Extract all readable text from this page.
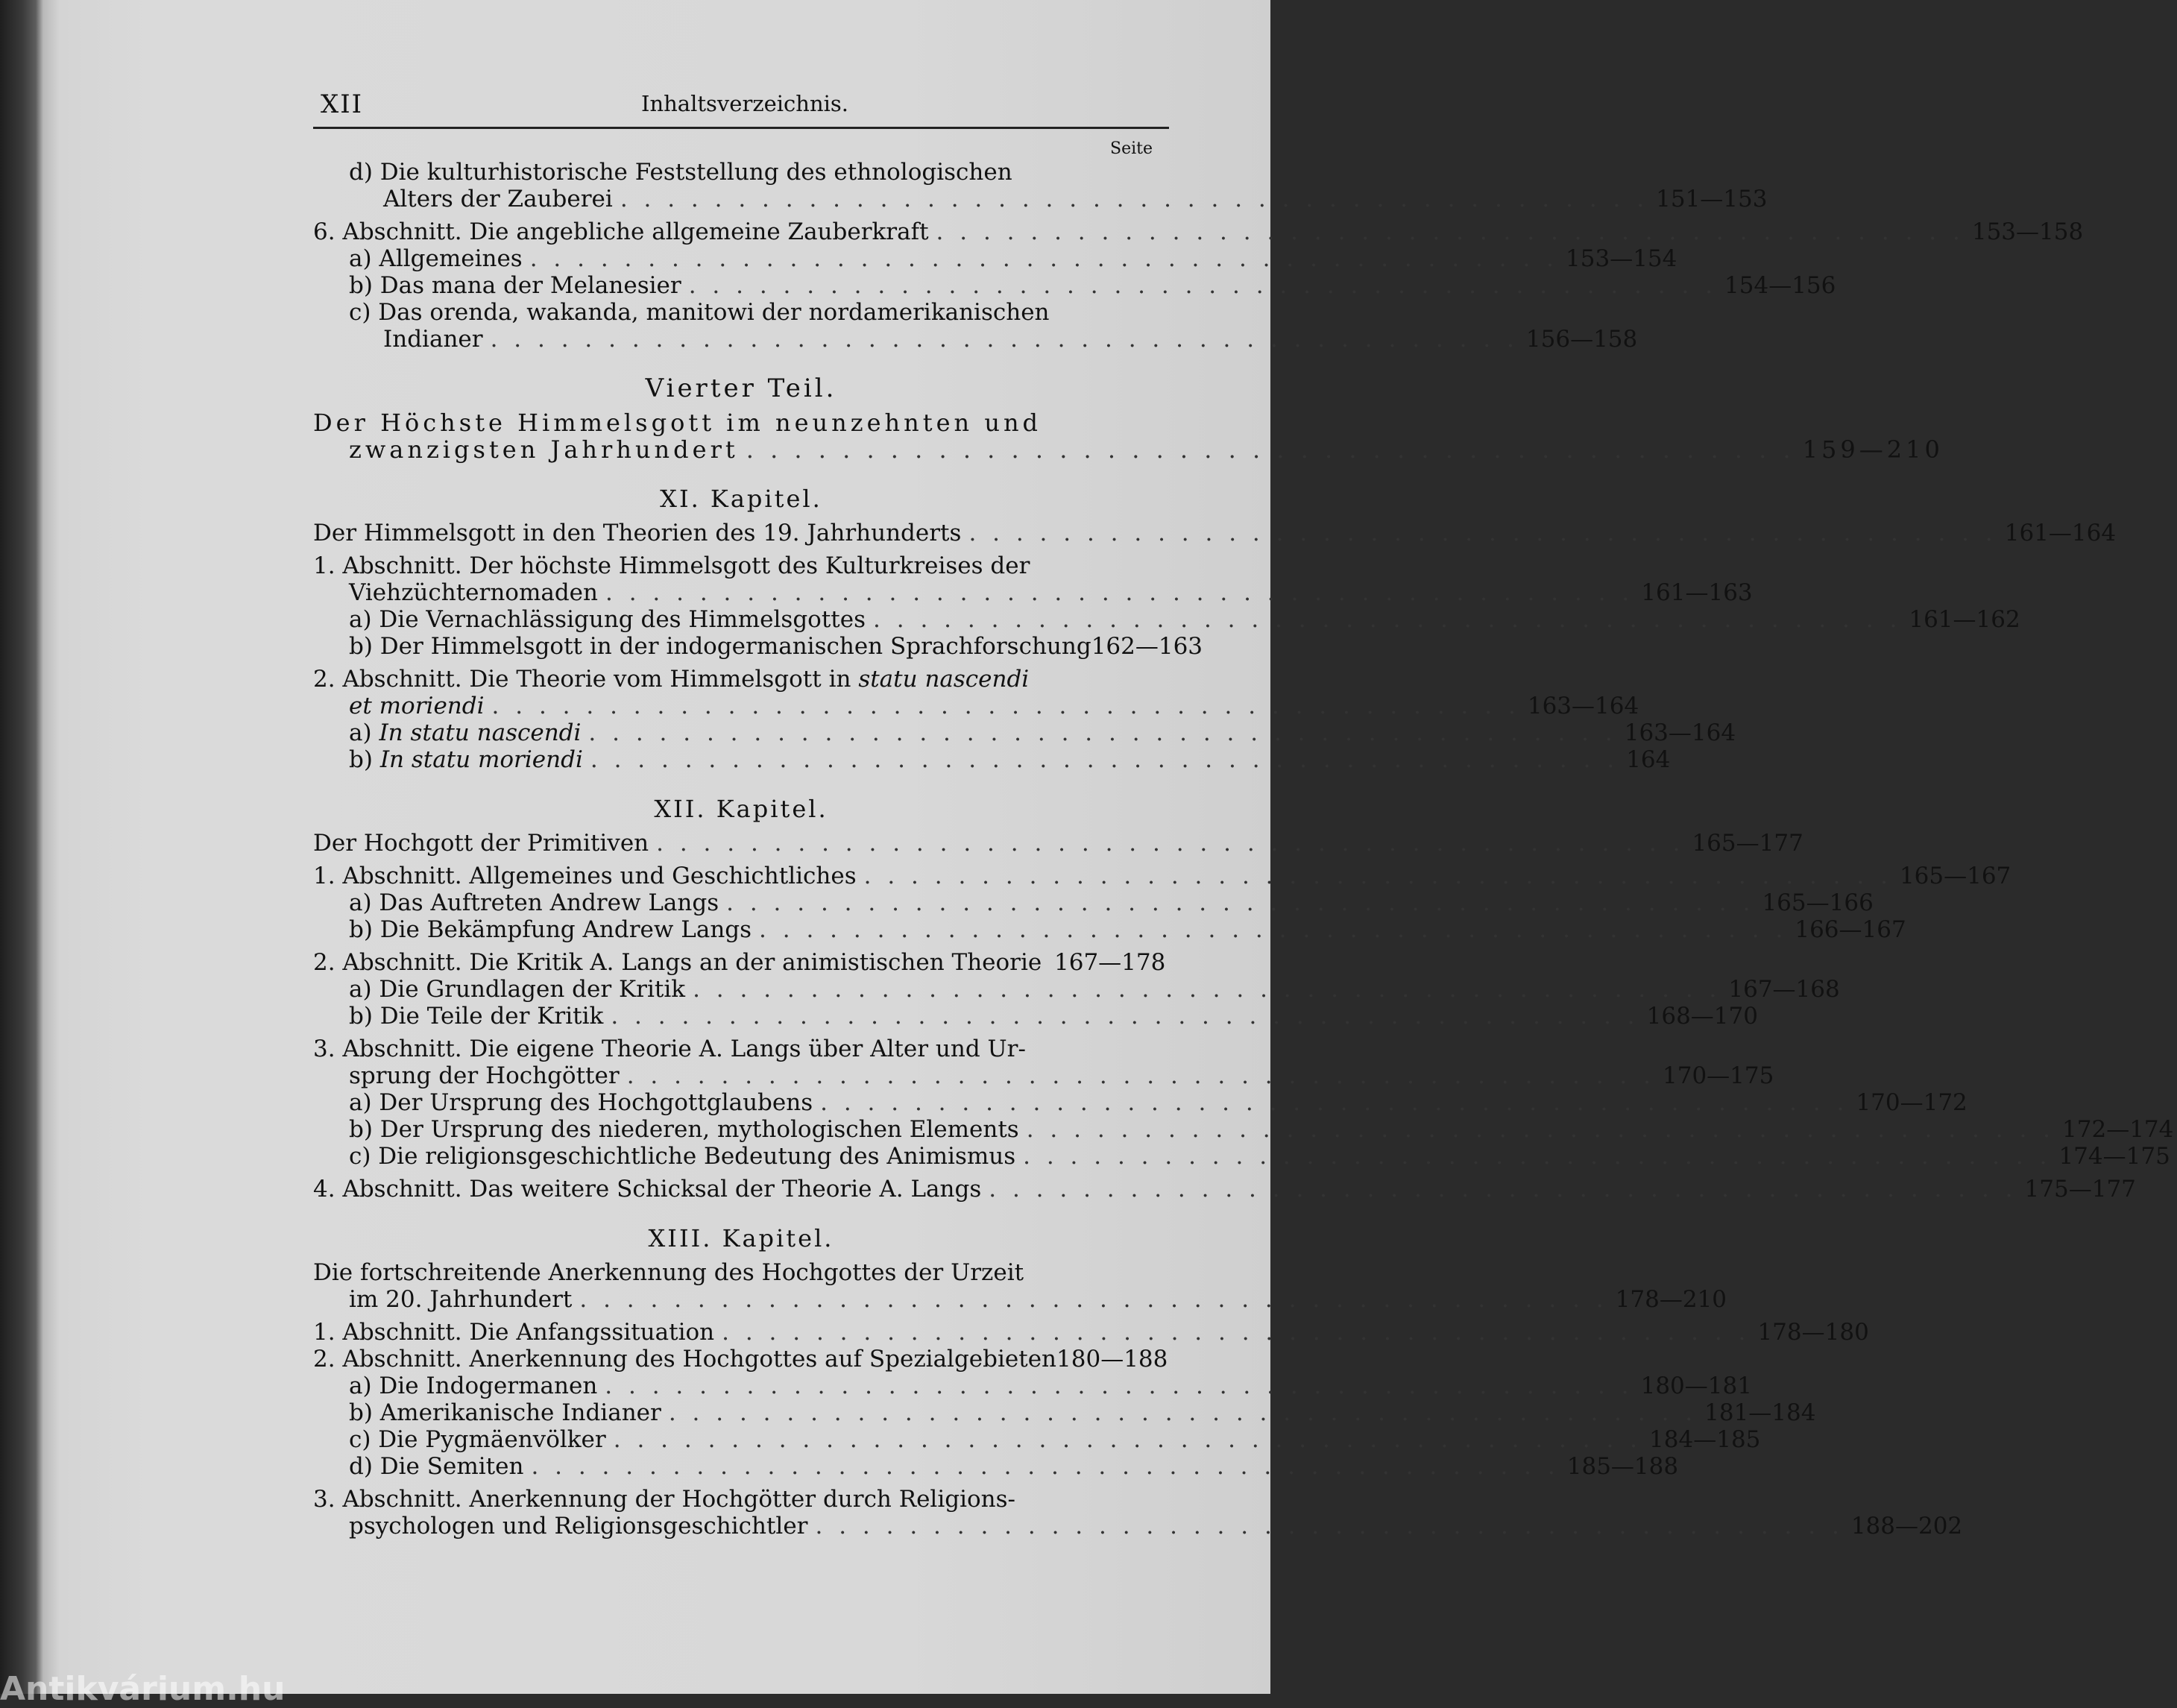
XII	Inhaltsverzeichnis.
Seite
d) Die kulturhistorische Feststellung des ethnologischen
Alters der Zauberei . . . . . . . . . . . . . . . . . . . . . . . . . . . . . . . . . . . . . . . . . . . . 151—153
6. Abschnitt. Die angebliche allgemeine Zauberkraft . . . . . . . . . . . . . . . . . . . . . . . . . . . . . . . . . . . . . . . . . . . . 153—158
a) Allgemeines . . . . . . . . . . . . . . . . . . . . . . . . . . . . . . . . . . . . . . . . . . . . 153—154
b) Das mana der Melanesier . . . . . . . . . . . . . . . . . . . . . . . . . . . . . . . . . . . . . . . . . . . . 154—156
c) Das orenda, wakanda, manitowi der nordamerikanischen
Indianer . . . . . . . . . . . . . . . . . . . . . . . . . . . . . . . . . . . . . . . . . . . . 156—158
Vierter Teil.
Der Höchste Himmelsgott im neunzehnten und
zwanzigsten Jahrhundert . . . . . . . . . . . . . . . . . . . . . . . . . . . . . . . . . . . . . . . . . . . . 159—210
XI. Kapitel.
Der Himmelsgott in den Theorien des 19. Jahrhunderts . . . . . . . . . . . . . . . . . . . . . . . . . . . . . . . . . . . . . . . . . . . . 161—164
1. Abschnitt. Der höchste Himmelsgott des Kulturkreises der
Viehzüchternomaden . . . . . . . . . . . . . . . . . . . . . . . . . . . . . . . . . . . . . . . . . . . . 161—163
a) Die Vernachlässigung des Himmelsgottes . . . . . . . . . . . . . . . . . . . . . . . . . . . . . . . . . . . . . . . . . . . . 161—162
b) Der Himmelsgott in der indogermanischen Sprachforschung 162—163
2. Abschnitt. Die Theorie vom Himmelsgott in statu nascendi
et moriendi . . . . . . . . . . . . . . . . . . . . . . . . . . . . . . . . . . . . . . . . . . . . 163—164
a) In statu nascendi . . . . . . . . . . . . . . . . . . . . . . . . . . . . . . . . . . . . . . . . . . . . 163—164
b) In statu moriendi . . . . . . . . . . . . . . . . . . . . . . . . . . . . . . . . . . . . . . . . . . . . 164
XII. Kapitel.
Der Hochgott der Primitiven . . . . . . . . . . . . . . . . . . . . . . . . . . . . . . . . . . . . . . . . . . . . 165—177
1. Abschnitt. Allgemeines und Geschichtliches . . . . . . . . . . . . . . . . . . . . . . . . . . . . . . . . . . . . . . . . . . . . 165—167
a) Das Auftreten Andrew Langs . . . . . . . . . . . . . . . . . . . . . . . . . . . . . . . . . . . . . . . . . . . . 165—166
b) Die Bekämpfung Andrew Langs . . . . . . . . . . . . . . . . . . . . . . . . . . . . . . . . . . . . . . . . . . . . 166—167
2. Abschnitt. Die Kritik A. Langs an der animistischen Theorie 167—178
a) Die Grundlagen der Kritik . . . . . . . . . . . . . . . . . . . . . . . . . . . . . . . . . . . . . . . . . . . . 167—168
b) Die Teile der Kritik . . . . . . . . . . . . . . . . . . . . . . . . . . . . . . . . . . . . . . . . . . . . 168—170
3. Abschnitt. Die eigene Theorie A. Langs über Alter und Ur-
sprung der Hochgötter . . . . . . . . . . . . . . . . . . . . . . . . . . . . . . . . . . . . . . . . . . . . 170—175
a) Der Ursprung des Hochgottglaubens . . . . . . . . . . . . . . . . . . . . . . . . . . . . . . . . . . . . . . . . . . . . 170—172
b) Der Ursprung des niederen, mythologischen Elements . . . . . . . . . . . . . . . . . . . . . . . . . . . . . . . . . . . . . . . . . . . . 172—174
c) Die religionsgeschichtliche Bedeutung des Animismus . . . . . . . . . . . . . . . . . . . . . . . . . . . . . . . . . . . . . . . . . . . . 174—175
4. Abschnitt. Das weitere Schicksal der Theorie A. Langs . . . . . . . . . . . . . . . . . . . . . . . . . . . . . . . . . . . . . . . . . . . . 175—177
XIII. Kapitel.
Die fortschreitende Anerkennung des Hochgottes der Urzeit
im 20. Jahrhundert . . . . . . . . . . . . . . . . . . . . . . . . . . . . . . . . . . . . . . . . . . . . 178—210
1. Abschnitt. Die Anfangssituation . . . . . . . . . . . . . . . . . . . . . . . . . . . . . . . . . . . . . . . . . . . . 178—180
2. Abschnitt. Anerkennung des Hochgottes auf Spezialgebieten 180—188
a) Die Indogermanen . . . . . . . . . . . . . . . . . . . . . . . . . . . . . . . . . . . . . . . . . . . . 180—181
b) Amerikanische Indianer . . . . . . . . . . . . . . . . . . . . . . . . . . . . . . . . . . . . . . . . . . . . 181—184
c) Die Pygmäenvölker . . . . . . . . . . . . . . . . . . . . . . . . . . . . . . . . . . . . . . . . . . . . 184—185
d) Die Semiten . . . . . . . . . . . . . . . . . . . . . . . . . . . . . . . . . . . . . . . . . . . . 185—188
3. Abschnitt. Anerkennung der Hochgötter durch Religions-
psychologen und Religionsgeschichtler . . . . . . . . . . . . . . . . . . . . . . . . . . . . . . . . . . . . . . . . . . . . 188—202
Antikvárium.hu
